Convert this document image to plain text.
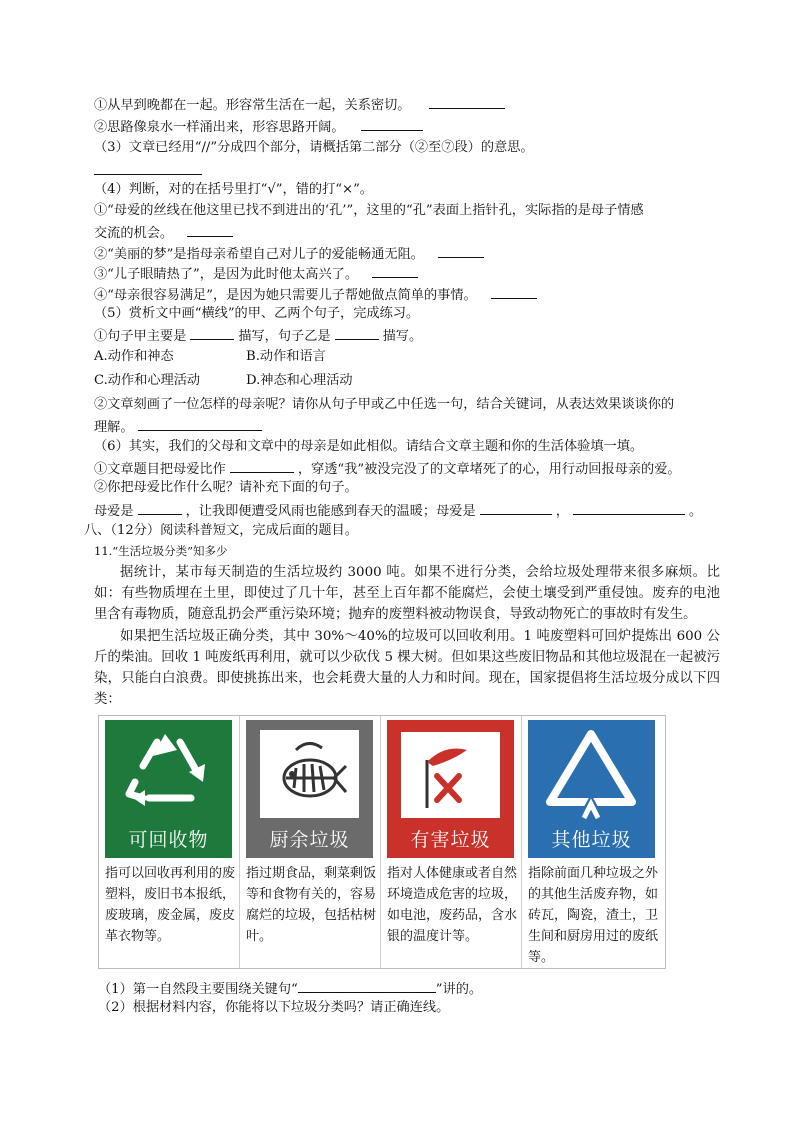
①从早到晚都在一起。形容常生活在一起，关系密切。
②思路像泉水一样涌出来，形容思路开阔。
（3）文章已经用“//”分成四个部分，请概括第二部分（②至⑦段）的意思。
（4）判断，对的在括号里打“√”，错的打“×”。
①“母爱的丝线在他这里已找不到进出的‘孔’”，这里的“孔”表面上指针孔，实际指的是母子情感
交流的机会。
②“美丽的梦”是指母亲希望自己对儿子的爱能畅通无阻。
③“儿子眼睛热了”，是因为此时他太高兴了。
④“母亲很容易满足”，是因为她只需要儿子帮她做点简单的事情。
（5）赏析文中画“横线”的甲、乙两个句子，完成练习。
①句子甲主要是	描写，句子乙是	描写。
A.动作和神态	B.动作和语言
C.动作和心理活动	D.神态和心理活动
②文章刻画了一位怎样的母亲呢？请你从句子甲或乙中任选一句，结合关键词，从表达效果谈谈你的
理解。
（6）其实，我们的父母和文章中的母亲是如此相似。请结合文章主题和你的生活体验填一填。
①文章题目把母爱比作	，穿透“我”被没完没了的文章堵死了的心，用行动回报母亲的爱。
②你把母爱比作什么呢？请补充下面的句子。
母爱是	，让我即便遭受风雨也能感到春天的温暖；母爱是	，	。
八、（12分）阅读科普短文，完成后面的题目。
11.“生活垃圾分类”知多少
据统计，某市每天制造的生活垃圾约 3000 吨。如果不进行分类，会给垃圾处理带来很多麻烦。比如：有些物质埋在土里，即使过了几十年，甚至上百年都不能腐烂，会使土壤受到严重侵蚀。废弃的电池里含有毒物质，随意乱扔会严重污染环境；抛弃的废塑料被动物误食，导致动物死亡的事故时有发生。
如果把生活垃圾正确分类，其中 30%～40%的垃圾可以回收利用。1 吨废塑料可回炉提炼出 600 公斤的柴油。回收 1 吨废纸再利用，就可以少砍伐 5 棵大树。但如果这些废旧物品和其他垃圾混在一起被污染，只能白白浪费。即使挑拣出来，也会耗费大量的人力和时间。现在，国家提倡将生活垃圾分成以下四类：
可回收物
指可以回收再利用的废塑料，废旧书本报纸，废玻璃，废金属，废皮革衣物等。
厨余垃圾
指过期食品，剩菜剩饭等和食物有关的，容易腐烂的垃圾，包括枯树叶。
有害垃圾
指对人体健康或者自然环境造成危害的垃圾，如电池，废药品，含水银的温度计等。
其他垃圾
指除前面几种垃圾之外的其他生活废弃物，如砖瓦，陶瓷，渣土，卫生间和厨房用过的废纸等。
（1）第一自然段主要围绕关键句“	”讲的。
（2）根据材料内容，你能将以下垃圾分类吗？请正确连线。
